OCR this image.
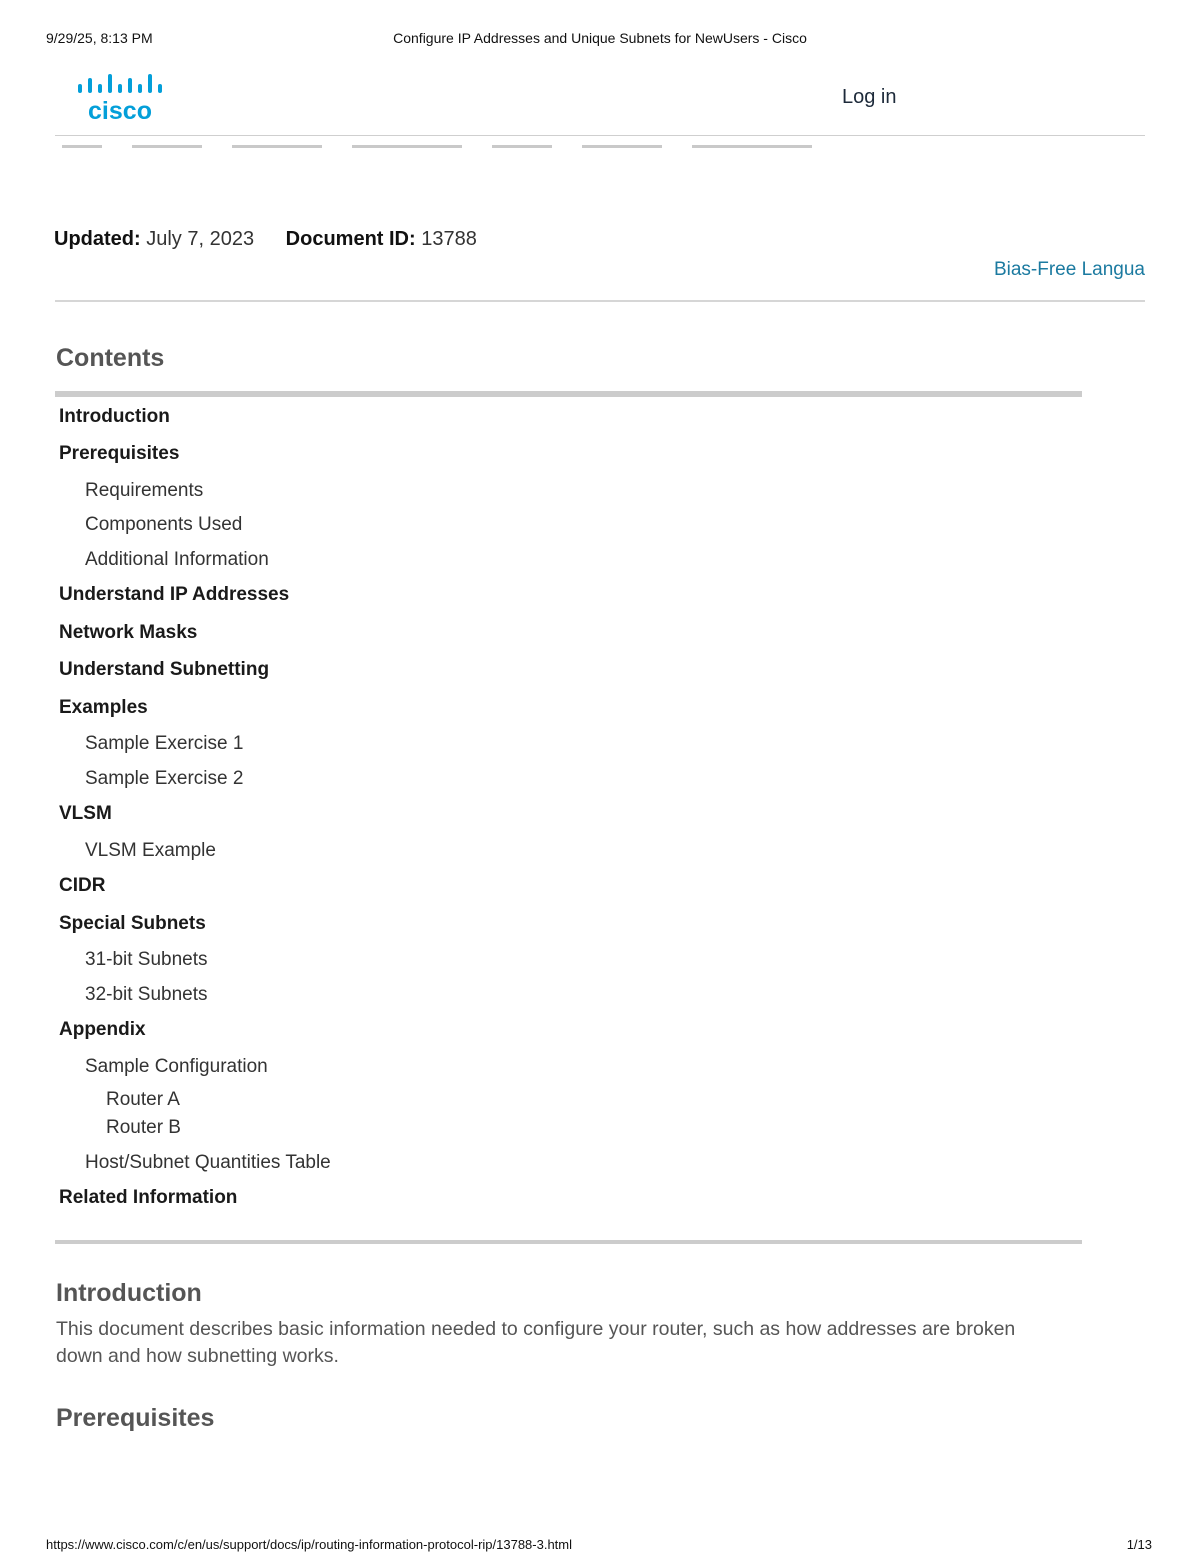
9/29/25, 8:13 PM	Configure IP Addresses and Unique Subnets for NewUsers - Cisco
cisco	Log in
Updated: July 7, 2023 Document ID: 13788
Bias-Free Langua
Contents
Introduction
Prerequisites
Requirements
Components Used
Additional Information
Understand IP Addresses
Network Masks
Understand Subnetting
Examples
Sample Exercise 1
Sample Exercise 2
VLSM
VLSM Example
CIDR
Special Subnets
31-bit Subnets
32-bit Subnets
Appendix
Sample Configuration
Router A
Router B
Host/Subnet Quantities Table
Related Information
Introduction
This document describes basic information needed to configure your router, such as how addresses are broken down and how subnetting works.
Prerequisites
https://www.cisco.com/c/en/us/support/docs/ip/routing-information-protocol-rip/13788-3.html	1/13
